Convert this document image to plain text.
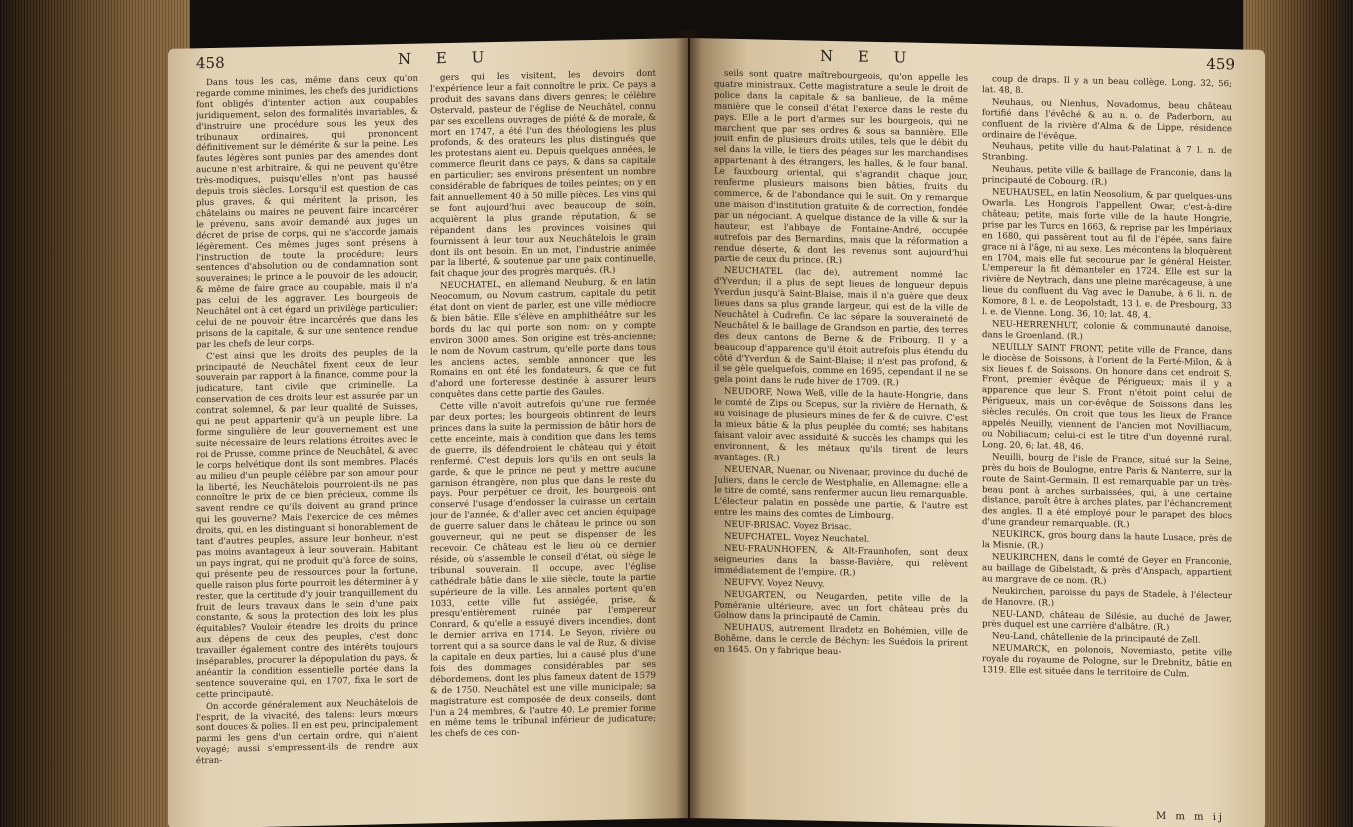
458	N E U

Dans tous les cas, même dans ceux qu'on regarde comme minimes, les chefs des juridictions font obligés d'intenter action aux coupables juridiquement, selon des formalités invariables, & d'instruire une procédure sous les yeux des tribunaux ordinaires, qui prononcent définitivement sur le démérite & sur la peine. Les fautes légères sont punies par des amendes dont aucune n'est arbitraire, & qui ne peuvent qu'être très-modiques, puisqu'elles n'ont pas haussé depuis trois siècles. Lorsqu'il est question de cas plus graves, & qui méritent la prison, les châtelains ou maires ne peuvent faire incarcérer le prévenu, sans avoir demandé aux juges un décret de prise de corps, qui ne s'accorde jamais légèrement. Ces mêmes juges sont présens à l'instruction de toute la procédure; leurs sentences d'absolution ou de condamnation sont souveraines; le prince a le pouvoir de les adoucir, & même de faire grace au coupable, mais il n'a pas celui de les aggraver. Les bourgeois de Neuchâtel ont à cet égard un privilège particulier; celui de ne pouvoir être incarcérés que dans les prisons de la capitale, & sur une sentence rendue par les chefs de leur corps.

C'est ainsi que les droits des peuples de la principauté de Neuchâtel fixent ceux de leur souverain par rapport à la finance, comme pour la judicature, tant civile que criminelle. La conservation de ces droits leur est assurée par un contrat solemnel, & par leur qualité de Suisses, qui ne peut appartenir qu'à un peuple libre. La forme singulière de leur gouvernement est une suite nécessaire de leurs relations étroites avec le roi de Prusse, comme prince de Neuchâtel, & avec le corps helvétique dont ils sont membres. Placés au milieu d'un peuple célèbre par son amour pour la liberté, les Neuchâtelois pourroient-ils ne pas connoître le prix de ce bien précieux, comme ils savent rendre ce qu'ils doivent au grand prince qui les gouverne? Mais l'exercice de ces mêmes droits, qui, en les distinguant si honorablement de tant d'autres peuples, assure leur bonheur, n'est pas moins avantageux à leur souverain. Habitant un pays ingrat, qui ne produit qu'à force de soins, qui présente peu de ressources pour la fortune, quelle raison plus forte pourroit les déterminer à y rester, que la certitude d'y jouir tranquillement du fruit de leurs travaux dans le sein d'une paix constante, & sous la protection des loix les plus équitables? Vouloir étendre les droits du prince aux dépens de ceux des peuples, c'est donc travailler également contre des intérêts toujours inséparables, procurer la dépopulation du pays, & anéantir la condition essentielle portée dans la sentence souveraine qui, en 1707, fixa le sort de cette principauté.

On accorde généralement aux Neuchâtelois de l'esprit, de la vivacité, des talens: leurs mœurs sont douces & polies. Il en est peu, principalement parmi les gens d'un certain ordre, qui n'aient voyagé; aussi s'empressent-ils de rendre aux étran-

gers qui les visitent, les devoirs dont l'expérience leur a fait connoître le prix. Ce pays a produit des savans dans divers genres; le célèbre Ostervald, pasteur de l'église de Neuchâtel, connu par ses excellens ouvrages de piété & de morale, & mort en 1747, a été l'un des théologiens les plus profonds, & des orateurs les plus distingués que les protestans aient eu. Depuis quelques années, le commerce fleurit dans ce pays, & dans sa capitale en particulier; ses environs présentent un nombre considérable de fabriques de toiles peintes; on y en fait annuellement 40 à 50 mille pièces. Les vins qui se font aujourd'hui avec beaucoup de soin, acquièrent la plus grande réputation, & se répandent dans les provinces voisines qui fournissent à leur tour aux Neuchâtelois le grain dont ils ont besoin. En un mot, l'industrie animée par la liberté, & soutenue par une paix continuelle, fait chaque jour des progrès marqués. (R.)

NEUCHATEL, en allemand Neuburg, & en latin Neocomum, ou Novum castrum, capitale du petit état dont on vient de parler, est une ville médiocre & bien bâtie. Elle s'élève en amphithéâtre sur les bords du lac qui porte son nom: on y compte environ 3000 ames. Son origine est très-ancienne; le nom de Novum castrum, qu'elle porte dans tous les anciens actes, semble annoncer que les Romains en ont été les fondateurs, & que ce fut d'abord une forteresse destinée à assurer leurs conquêtes dans cette partie des Gaules.

Cette ville n'avoit autrefois qu'une rue fermée par deux portes; les bourgeois obtinrent de leurs princes dans la suite la permission de bâtir hors de cette enceinte, mais à condition que dans les tems de guerre, ils défendroient le château qui y étoit renfermé. C'est depuis lors qu'ils en ont seuls la garde, & que le prince ne peut y mettre aucune garnison étrangère, non plus que dans le reste du pays. Pour perpétuer ce droit, les bourgeois ont conservé l'usage d'endosser la cuirasse un certain jour de l'année, & d'aller avec cet ancien équipage de guerre saluer dans le château le prince ou son gouverneur, qui ne peut se dispenser de les recevoir. Ce château est le lieu où ce dernier réside, où s'assemble le conseil d'état, où siège le tribunal souverain. Il occupe, avec l'église cathédrale bâtie dans le xiie siècle, toute la partie supérieure de la ville. Les annales portent qu'en 1033, cette ville fut assiégée, prise, & presqu'entièrement ruinée par l'empereur Conrard, & qu'elle a essuyé divers incendies, dont le dernier arriva en 1714. Le Seyon, rivière ou torrent qui a sa source dans le val de Ruz, & divise la capitale en deux parties, lui a causé plus d'une fois des dommages considérables par ses débordemens, dont les plus fameux datent de 1579 & de 1750. Neuchâtel est une ville municipale; sa magistrature est composée de deux conseils, dont l'un a 24 membres, & l'autre 40. Le premier forme en même tems le tribunal inférieur de judicature; les chefs de ces con-

N E U	459

seils sont quatre maîtrebourgeois, qu'on appelle les quatre ministraux. Cette magistrature a seule le droit de police dans la capitale & sa banlieue, de la même manière que le conseil d'état l'exerce dans le reste du pays. Elle a le port d'armes sur les bourgeois, qui ne marchent que par ses ordres & sous sa bannière. Elle jouit enfin de plusieurs droits utiles, tels que le débit du sel dans la ville, le tiers des péages sur les marchandises appartenant à des étrangers, les halles, & le four banal. Le fauxbourg oriental, qui s'agrandit chaque jour, renferme plusieurs maisons bien bâties, fruits du commerce, & de l'abondance qui le suit. On y remarque une maison d'institution gratuite & de correction, fondée par un négociant. A quelque distance de la ville & sur la hauteur, est l'abbaye de Fontaine-André, occupée autrefois par des Bernardins, mais que la réformation a rendue déserte, & dont les revenus sont aujourd'hui partie de ceux du prince. (R.)

NEUCHATEL (lac de), autrement nommé lac d'Yverdun; il a plus de sept lieues de longueur depuis Yverdun jusqu'à Saint-Blaise, mais il n'a guère que deux lieues dans sa plus grande largeur, qui est de la ville de Neuchâtel à Cudrefin. Ce lac sépare la souveraineté de Neuchâtel & le baillage de Grandson en partie, des terres des deux cantons de Berne & de Fribourg. Il y a beaucoup d'apparence qu'il étoit autrefois plus étendu du côté d'Yverdun & de Saint-Blaise; il n'est pas profond, & il se gèle quelquefois, comme en 1695, cependant il ne se gela point dans le rude hiver de 1709. (R.)

NEUDORF, Nowa Weß, ville de la haute-Hongrie, dans le comté de Zips ou Scepus, sur la rivière de Hernath, & au voisinage de plusieurs mines de fer & de cuivre. C'est la mieux bâtie & la plus peuplée du comté; ses habitans faisant valoir avec assiduité & succès les champs qui les environnent, & les métaux qu'ils tirent de leurs avantages. (R.)

NEUENAR, Nuenar, ou Nivenaar, province du duché de Juliers, dans le cercle de Westphalie, en Allemagne: elle a le titre de comté, sans renfermer aucun lieu remarquable. L'électeur palatin en possède une partie, & l'autre est entre les mains des comtes de Limbourg.

NEUF-BRISAC. Voyez Brisac.

NEUFCHATEL. Voyez Neuchatel.

NEU-FRAUNHOFEN, & Alt-Fraunhofen, sont deux seigneuries dans la basse-Bavière, qui relèvent immédiatement de l'empire. (R.)

NEUFVY. Voyez Neuvy.

NEUGARTEN, ou Neugarden, petite ville de la Poméranie ultérieure, avec un fort château près du Golnow dans la principauté de Camin.

NEUHAUS, autrement Ilradetz en Bohémien, ville de Bohême, dans le cercle de Béchyn: les Suédois la prirent en 1645. On y fabrique beau-

coup de draps. Il y a un beau collège. Long. 32, 56; lat. 48, 8.

Neuhaus, ou Nienhus, Novadomus, beau château fortifié dans l'évêché & au n. o. de Paderborn, au confluent de la rivière d'Alma & de Lippe, résidence ordinaire de l'évêque.

Neuhaus, petite ville du haut-Palatinat à 7 l. n. de Stranbing.

Neuhaus, petite ville & baillage de Franconie, dans la principauté de Cobourg. (R.)

NEUHAUSEL, en latin Neosolium, & par quelques-uns Owarla. Les Hongrois l'appellent Owar, c'est-à-dire château; petite, mais forte ville de la haute Hongrie, prise par les Turcs en 1663, & reprise par les Impériaux en 1680, qui passèrent tout au fil de l'épée, sans faire grace ni à l'âge, ni au sexe. Les mécontens la bloquèrent en 1704, mais elle fut secourue par le général Heister. L'empereur la fit démanteler en 1724. Elle est sur la rivière de Neytrach, dans une pleine marécageuse, à une lieue du confluent du Vag avec le Danube, à 6 li. n. de Komore, 8 l. e. de Leopolstadt, 13 l. e. de Presbourg, 33 l. e. de Vienne. Long. 36, 10; lat. 48, 4.

NEU-HERRENHUT, colonie & communauté danoise, dans le Groenland. (R.)

NEUILLY SAINT FRONT, petite ville de France, dans le diocèse de Soissons, à l'orient de la Ferté-Milon, & à six lieues f. de Soissons. On honore dans cet endroit S. Front, premier évêque de Périgueux; mais il y a apparence que leur S. Front n'étoit point celui de Périgueux, mais un cor-évêque de Soissons dans les siècles reculés. On croit que tous les lieux de France appelés Neuilly, viennent de l'ancien mot Novilliacum, ou Nobiliacum; celui-ci est le titre d'un doyenné rural. Long. 20, 6; lat. 48, 46.

Neuilli, bourg de l'isle de France, situé sur la Seine, près du bois de Boulogne, entre Paris & Nanterre, sur la route de Saint-Germain. Il est remarquable par un très-beau pont à arches surbaissées, qui, à une certaine distance, paroît être à arches plates, par l'échancrement des angles. Il a été employé pour le parapet des blocs d'une grandeur remarquable. (R.)

NEUKIRCK, gros bourg dans la haute Lusace, près de la Misnie. (R.)

NEUKIRCHEN, dans le comté de Geyer en Franconie, au baillage de Gibelstadt, & près d'Anspach, appartient au margrave de ce nom. (R.)

Neukirchen, paroisse du pays de Stadele, à l'électeur de Hanovre. (R.)

NEU-LAND, château de Silésie, au duché de Jawer, près duquel est une carrière d'albâtre. (R.)

Neu-Land, châtellenie de la principauté de Zell.

NEUMARCK, en polonois, Novemiasto, petite ville royale du royaume de Pologne, sur le Drebnitz, bâtie en 1319. Elle est située dans le territoire de Culm.

M m m ij
